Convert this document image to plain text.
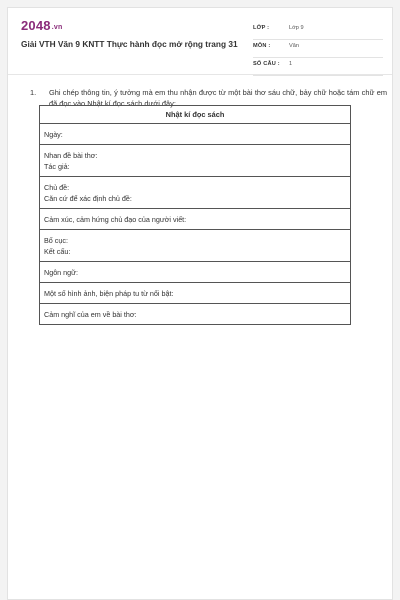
2048.vn
Giải VTH Văn 9 KNTT Thực hành đọc mở rộng trang 31
LỚP :	Lớp 9
MÔN :	Văn
SỐ CÂU : 1
1. Ghi chép thông tin, ý tưởng mà em thu nhận được từ một bài thơ sáu chữ, bảy chữ hoặc tám chữ em đã đọc vào Nhật kí đọc sách dưới đây:
Nhật kí đọc sách

Ngày:

Nhan đề bài thơ:
Tác giả:

Chủ đề:
Căn cứ để xác định chủ đề:

Cảm xúc, cảm hứng chủ đạo của người viết:

Bố cục:
Kết cấu:

Ngôn ngữ:

Một số hình ảnh, biện pháp tu từ nổi bật:

Cảm nghĩ của em về bài thơ:
